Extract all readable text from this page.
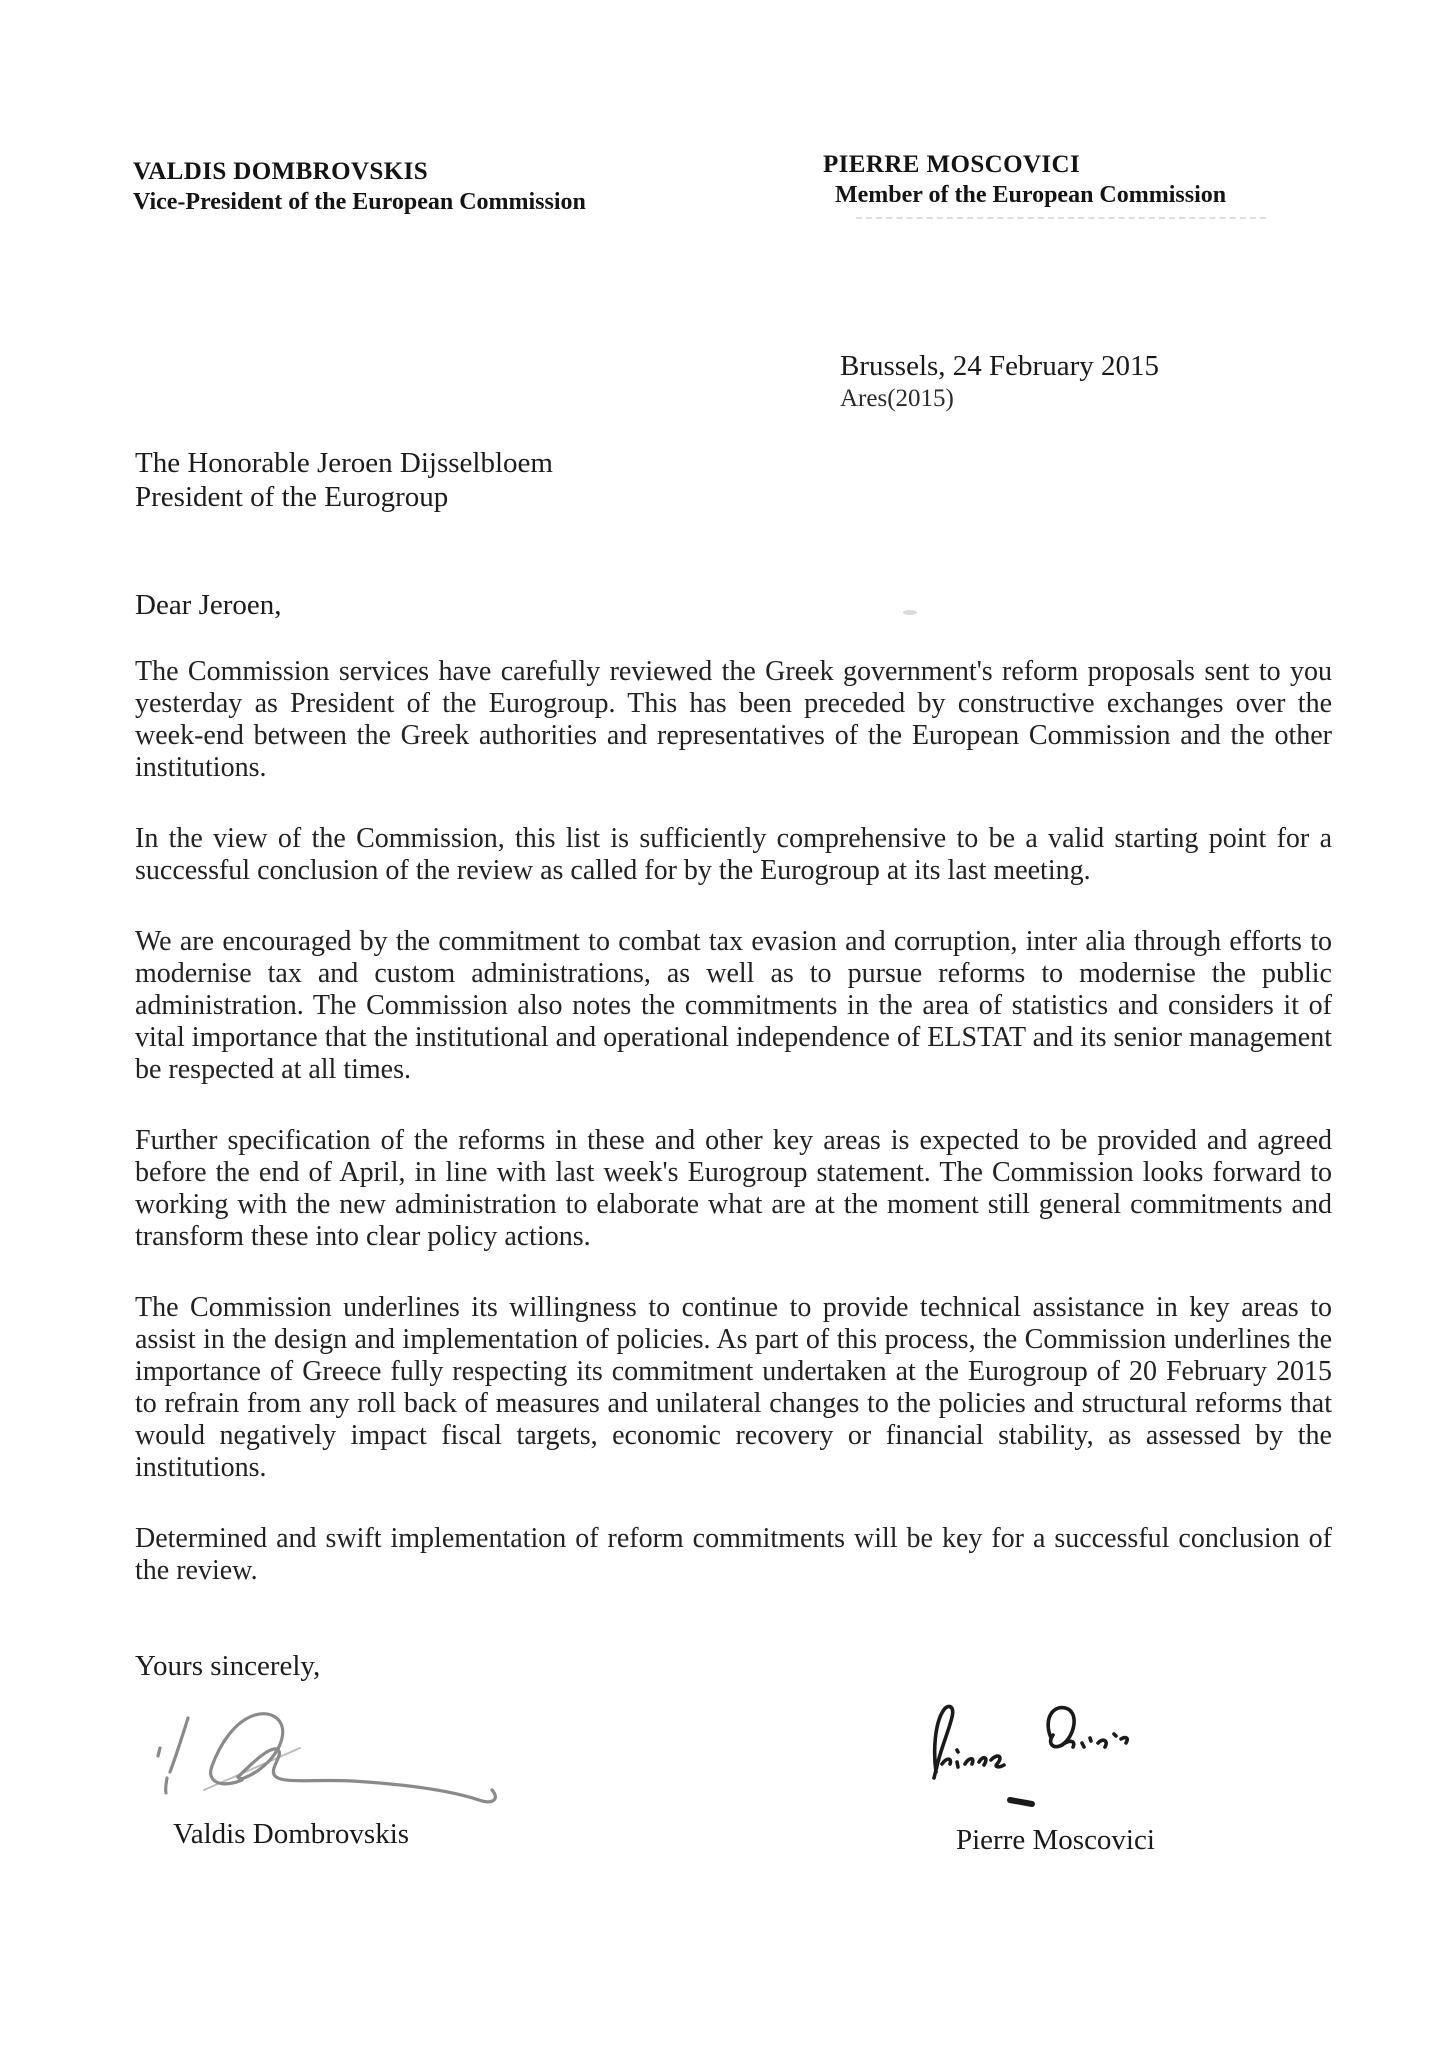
VALDIS DOMBROVSKIS
Vice-President of the European Commission
PIERRE MOSCOVICI
Member of the European Commission
Brussels, 24 February 2015
Ares(2015)
The Honorable Jeroen Dijsselbloem
President of the Eurogroup
Dear Jeroen,

The Commission services have carefully reviewed the Greek government's reform proposals sent to you yesterday as President of the Eurogroup. This has been preceded by constructive exchanges over the week-end between the Greek authorities and representatives of the European Commission and the other institutions.

In the view of the Commission, this list is sufficiently comprehensive to be a valid starting point for a successful conclusion of the review as called for by the Eurogroup at its last meeting.

We are encouraged by the commitment to combat tax evasion and corruption, inter alia through efforts to modernise tax and custom administrations, as well as to pursue reforms to modernise the public administration. The Commission also notes the commitments in the area of statistics and considers it of vital importance that the institutional and operational independence of ELSTAT and its senior management be respected at all times.

Further specification of the reforms in these and other key areas is expected to be provided and agreed before the end of April, in line with last week's Eurogroup statement. The Commission looks forward to working with the new administration to elaborate what are at the moment still general commitments and transform these into clear policy actions.

The Commission underlines its willingness to continue to provide technical assistance in key areas to assist in the design and implementation of policies. As part of this process, the Commission underlines the importance of Greece fully respecting its commitment undertaken at the Eurogroup of 20 February 2015 to refrain from any roll back of measures and unilateral changes to the policies and structural reforms that would negatively impact fiscal targets, economic recovery or financial stability, as assessed by the institutions.

Determined and swift implementation of reform commitments will be key for a successful conclusion of the review.

Yours sincerely,
Valdis Dombrovskis	Pierre Moscovici
